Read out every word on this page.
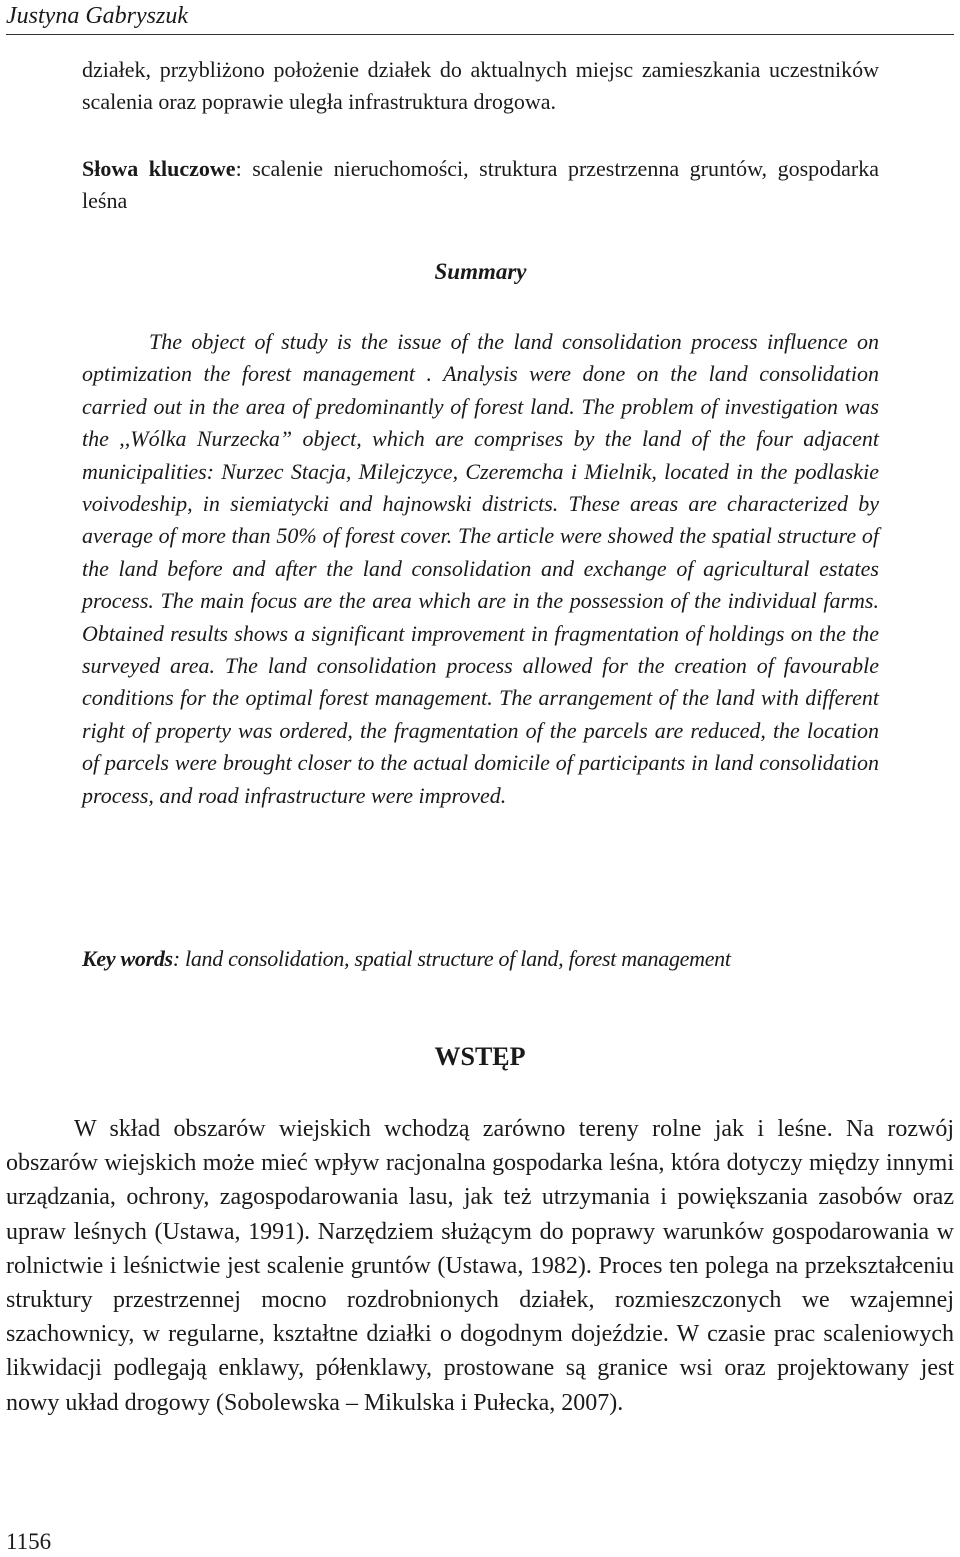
Justyna Gabryszuk

działek, przybliżono położenie działek do aktualnych miejsc zamieszkania uczestników scalenia oraz poprawie uległa infrastruktura drogowa.

Słowa kluczowe: scalenie nieruchomości, struktura przestrzenna gruntów, gospodarka leśna

Summary

The object of study is the issue of the land consolidation process influence on optimization the forest management . Analysis were done on the land consolidation carried out in the area of predominantly of forest land. The problem of investigation was the ,,Wólka Nurzecka” object, which are comprises by the land of the four adjacent municipalities: Nurzec Stacja, Milejczyce, Czeremcha i Mielnik, located in the podlaskie voivodeship, in siemiatycki and hajnowski districts. These areas are characterized by average of more than 50% of forest cover. The article were showed the spatial structure of the land before and after the land consolidation and exchange of agricultural estates process. The main focus are the area which are in the possession of the individual farms. Obtained results shows a significant improvement in fragmentation of holdings on the the surveyed area. The land consolidation process allowed for the creation of favourable conditions for the optimal forest management. The arrangement of the land with different right of property was ordered, the fragmentation of the parcels are reduced, the location of parcels were brought closer to the actual domicile of participants in land consolidation process, and road infrastructure were improved.

Key words: land consolidation, spatial structure of land, forest management

WSTĘP

W skład obszarów wiejskich wchodzą zarówno tereny rolne jak i leśne. Na rozwój obszarów wiejskich może mieć wpływ racjonalna gospodarka leśna, która dotyczy między innymi urządzania, ochrony, zagospodarowania lasu, jak też utrzymania i powiększania zasobów oraz upraw leśnych (Ustawa, 1991). Narzędziem służącym do poprawy warunków gospodarowania w rolnictwie i leśnictwie jest scalenie gruntów (Ustawa, 1982). Proces ten polega na przekształceniu struktury przestrzennej mocno rozdrobnionych działek, rozmieszczonych we wzajemnej szachownicy, w regularne, kształtne działki o dogodnym dojeździe. W czasie prac scaleniowych likwidacji podlegają enklawy, półenklawy, prostowane są granice wsi oraz projektowany jest nowy układ drogowy (Sobolewska – Mikulska i Pułecka, 2007).

1156
